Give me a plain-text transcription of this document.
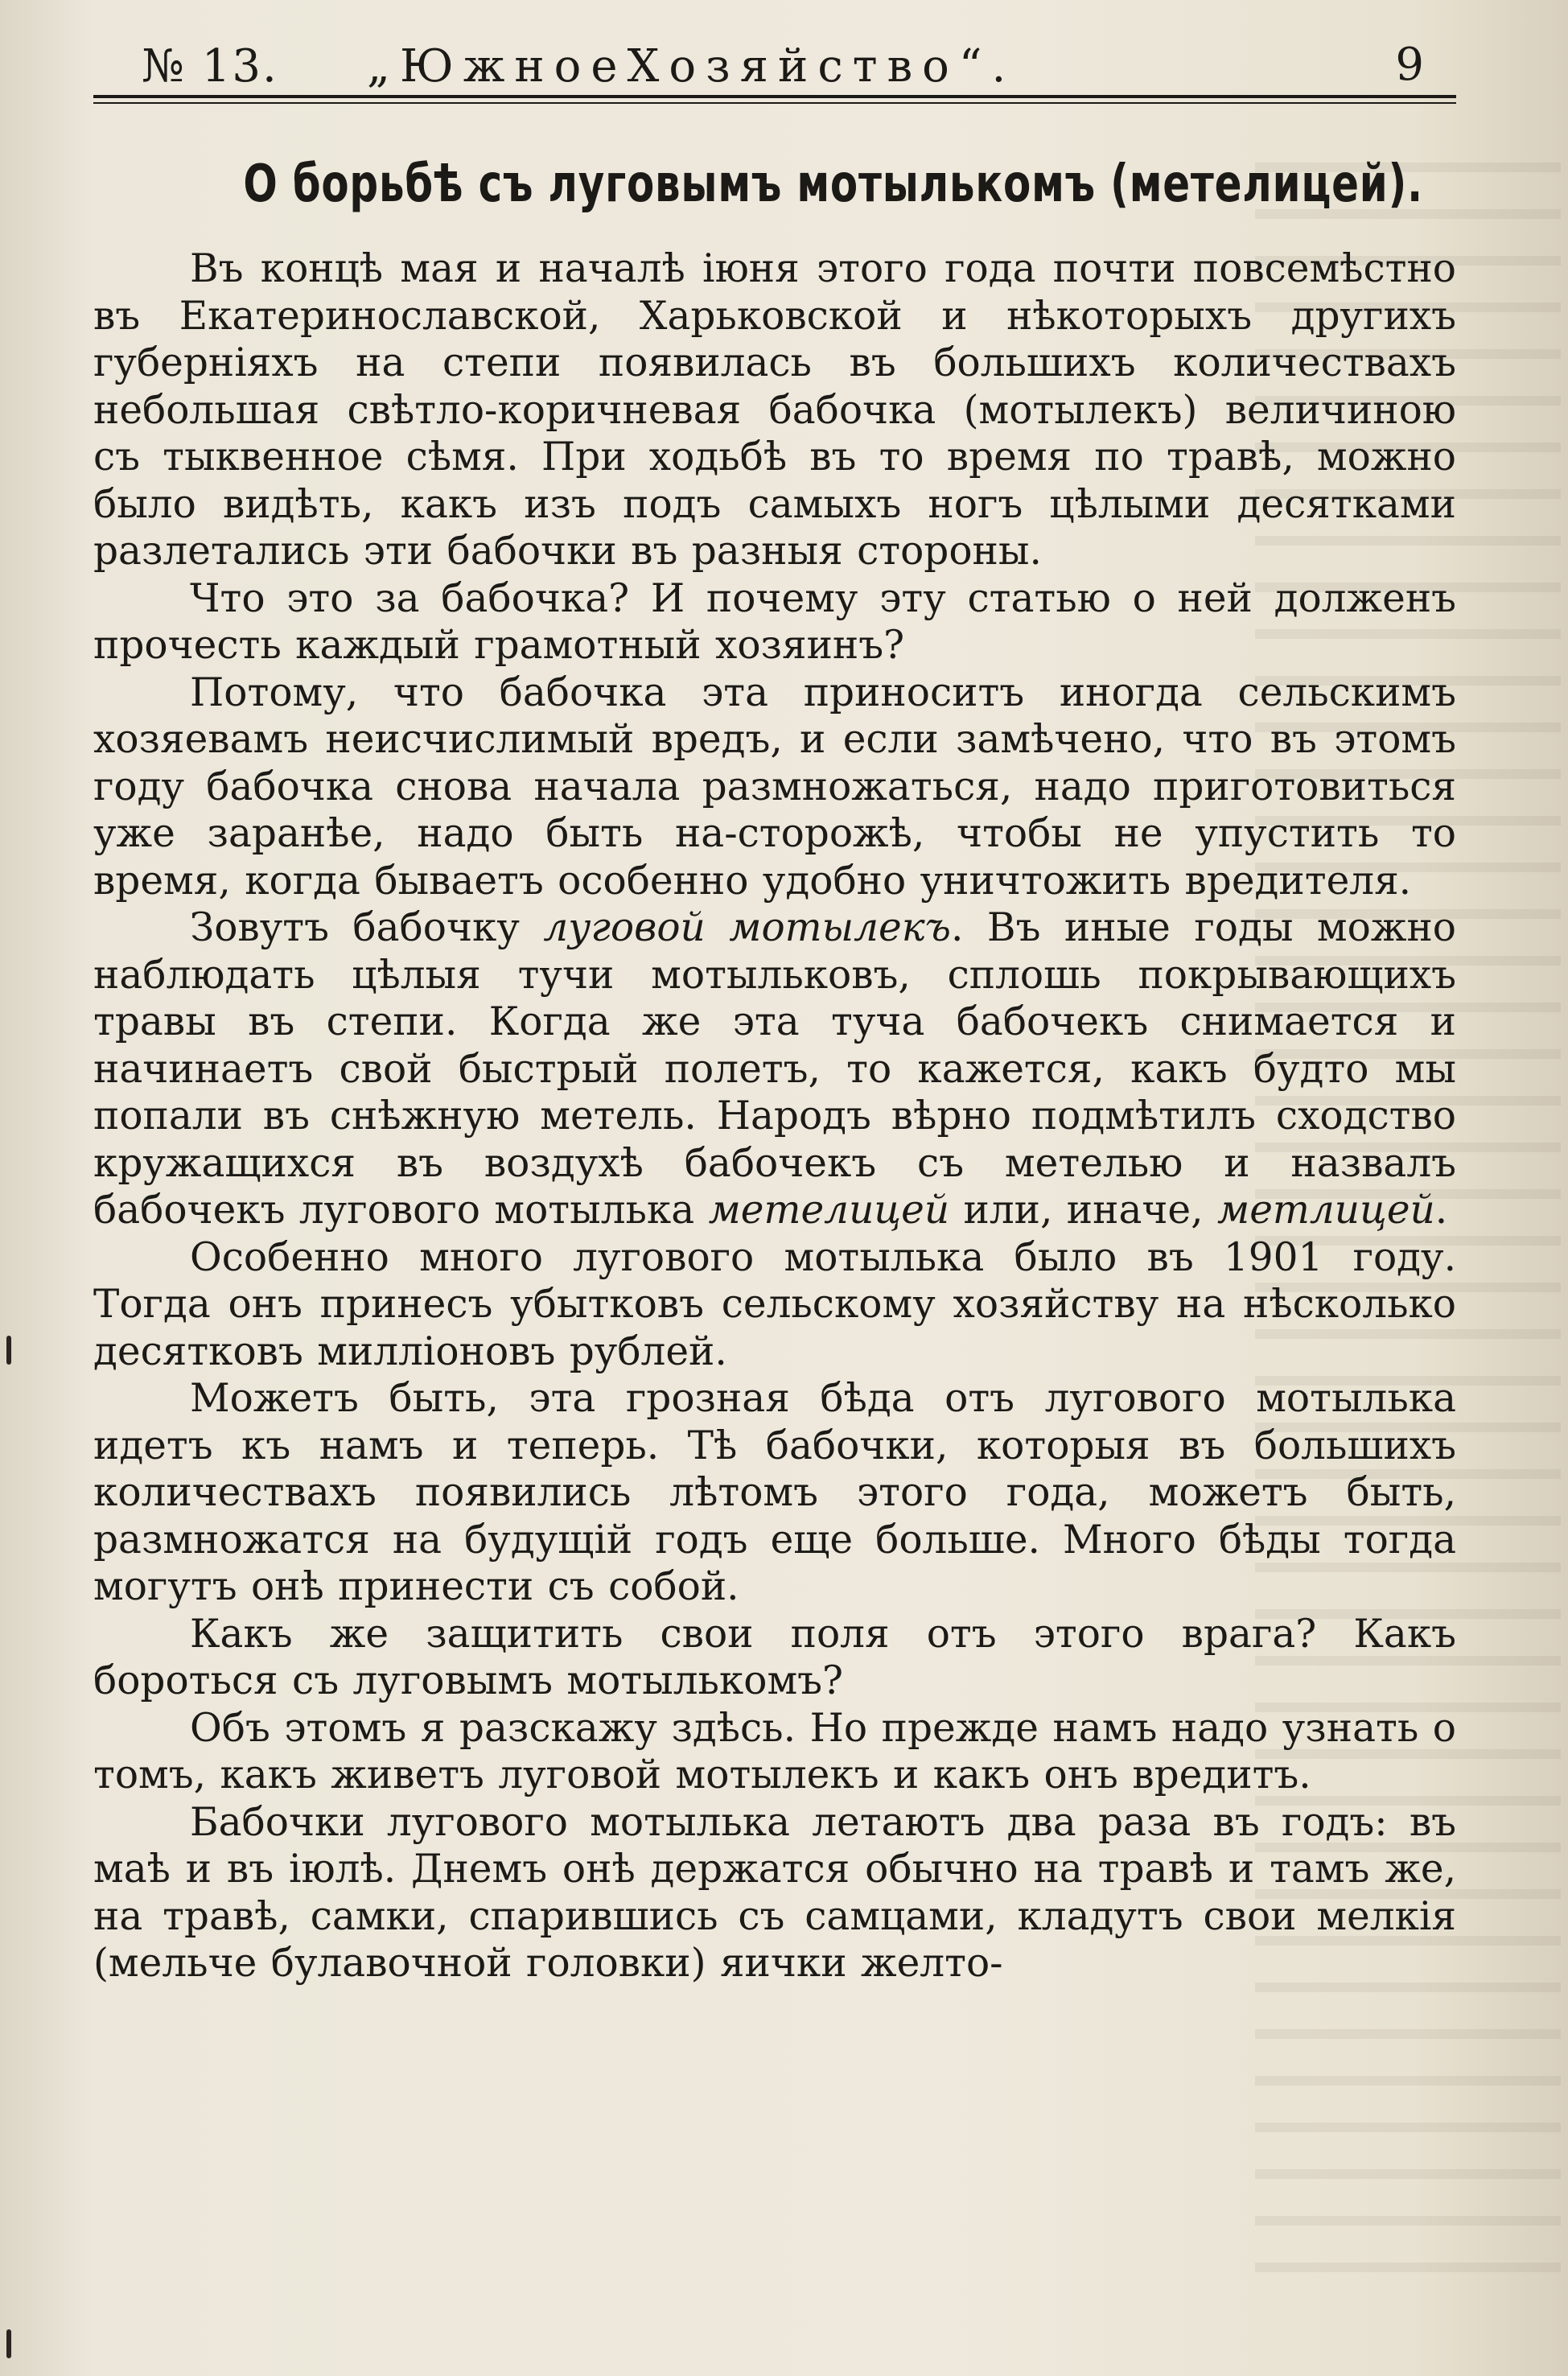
№ 13. „ЮжноеХозяйство“.	9
О борьбѣ съ луговымъ мотылькомъ (метелицей).

Въ концѣ мая и началѣ іюня этого года почти повсемѣстно въ Екатеринославской, Харьковской и нѣкоторыхъ другихъ губерніяхъ на степи появилась въ большихъ количествахъ небольшая свѣтло-коричневая бабочка (мотылекъ) величиною съ тыквенное сѣмя. При ходьбѣ въ то время по травѣ, можно было видѣть, какъ изъ подъ самыхъ ногъ цѣлыми десятками разлетались эти бабочки въ разныя стороны.

Что это за бабочка? И почему эту статью о ней долженъ прочесть каждый грамотный хозяинъ?

Потому, что бабочка эта приноситъ иногда сельскимъ хозяевамъ неисчислимый вредъ, и если замѣчено, что въ этомъ году бабочка снова начала размножаться, надо приготовиться уже заранѣе, надо быть на-сторожѣ, чтобы не упустить то время, когда бываетъ особенно удобно уничтожить вредителя.

Зовутъ бабочку луговой мотылекъ. Въ иные годы можно наблюдать цѣлыя тучи мотыльковъ, сплошь покрывающихъ травы въ степи. Когда же эта туча бабочекъ снимается и начинаетъ свой быстрый полетъ, то кажется, какъ будто мы попали въ снѣжную метель. Народъ вѣрно подмѣтилъ сходство кружащихся въ воздухѣ бабочекъ съ метелью и назвалъ бабочекъ лугового мотылька метелицей или, иначе, метлицей.

Особенно много лугового мотылька было въ 1901 году. Тогда онъ принесъ убытковъ сельскому хозяйству на нѣсколько десятковъ милліоновъ рублей.

Можетъ быть, эта грозная бѣда отъ лугового мотылька идетъ къ намъ и теперь. Тѣ бабочки, которыя въ большихъ количествахъ появились лѣтомъ этого года, можетъ быть, размножатся на будущій годъ еще больше. Много бѣды тогда могутъ онѣ принести съ собой.

Какъ же защитить свои поля отъ этого врага? Какъ бороться съ луговымъ мотылькомъ?

Объ этомъ я разскажу здѣсь. Но прежде намъ надо узнать о томъ, какъ живетъ луговой мотылекъ и какъ онъ вредитъ.

Бабочки лугового мотылька летаютъ два раза въ годъ: въ маѣ и въ іюлѣ. Днемъ онѣ держатся обычно на травѣ и тамъ же, на травѣ, самки, спарившись съ самцами, кладутъ свои мелкія (мельче булавочной головки) яички желто-
